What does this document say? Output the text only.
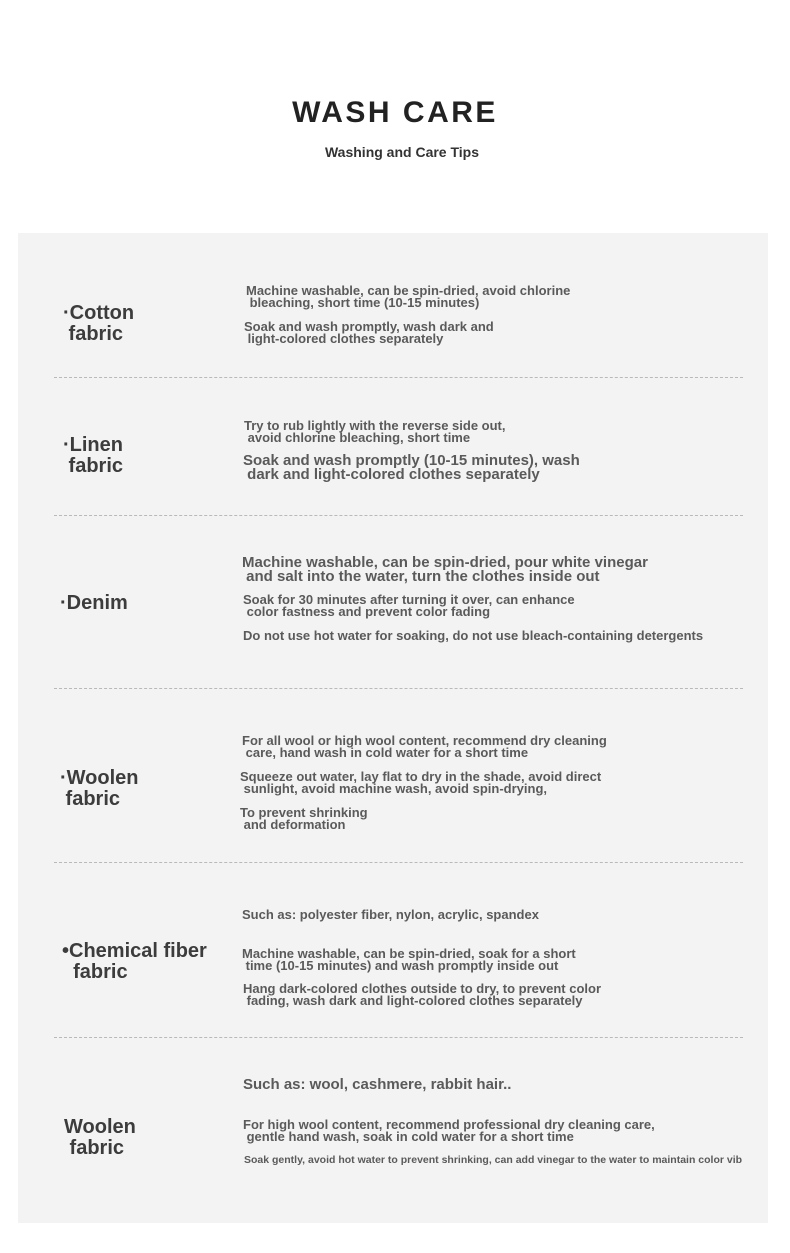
WASH CARE
Washing and Care Tips
·Cotton
fabric
Machine washable, can be spin-dried, avoid chlorine
bleaching, short time (10-15 minutes)
Soak and wash promptly, wash dark and
light-colored clothes separately
·Linen
fabric
Try to rub lightly with the reverse side out,
avoid chlorine bleaching, short time
Soak and wash promptly (10-15 minutes), wash
dark and light-colored clothes separately
·Denim
Machine washable, can be spin-dried, pour white vinegar
and salt into the water, turn the clothes inside out
Soak for 30 minutes after turning it over, can enhance
color fastness and prevent color fading
Do not use hot water for soaking, do not use bleach-containing detergents
·Woolen
fabric
For all wool or high wool content, recommend dry cleaning
care, hand wash in cold water for a short time
Squeeze out water, lay flat to dry in the shade, avoid direct
sunlight, avoid machine wash, avoid spin-drying,
To prevent shrinking
and deformation
•Chemical fiber
fabric
Such as: polyester fiber, nylon, acrylic, spandex
Machine washable, can be spin-dried, soak for a short
time (10-15 minutes) and wash promptly inside out
Hang dark-colored clothes outside to dry, to prevent color
fading, wash dark and light-colored clothes separately
Woolen
fabric
Such as: wool, cashmere, rabbit hair..
For high wool content, recommend professional dry cleaning care,
gentle hand wash, soak in cold water for a short time
Soak gently, avoid hot water to prevent shrinking, can add vinegar to the water to maintain color vib
